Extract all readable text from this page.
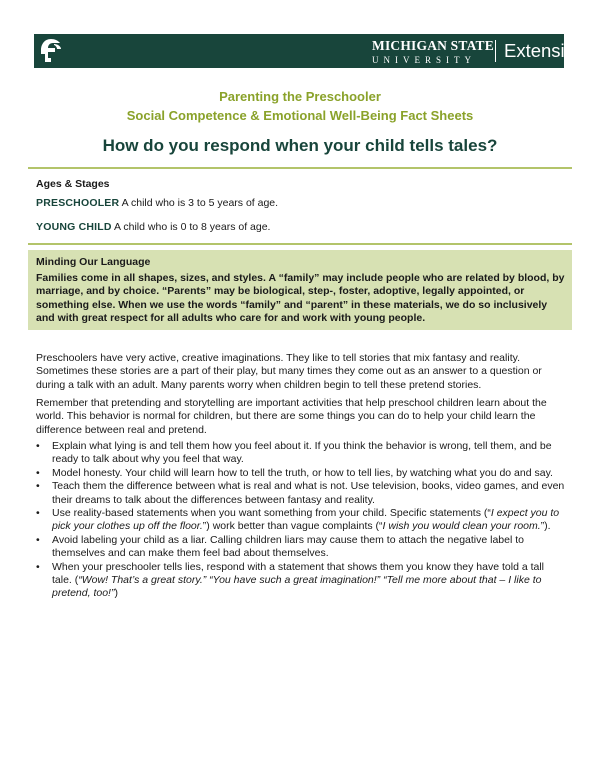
MICHIGAN STATE
UNIVERSITY	Extension
Parenting the Preschooler
Social Competence & Emotional Well-Being Fact Sheets
How do you respond when your child tells tales?
Ages & Stages
PRESCHOOLER A child who is 3 to 5 years of age.
YOUNG CHILD A child who is 0 to 8 years of age.
Minding Our Language
Families come in all shapes, sizes, and styles. A “family” may include people who are related by blood, by marriage, and by choice. “Parents” may be biological, step-, foster, adoptive, legally appointed, or something else. When we use the words “family” and “parent” in these materials, we do so inclusively and with great respect for all adults who care for and work with young people.
Preschoolers have very active, creative imaginations. They like to tell stories that mix fantasy and reality. Sometimes these stories are a part of their play, but many times they come out as an answer to a question or during a talk with an adult. Many parents worry when children begin to tell these pretend stories.
Remember that pretending and storytelling are important activities that help preschool children learn about the world. This behavior is normal for children, but there are some things you can do to help your child learn the difference between real and pretend.
• Explain what lying is and tell them how you feel about it. If you think the behavior is wrong, tell them, and be ready to talk about why you feel that way.
• Model honesty. Your child will learn how to tell the truth, or how to tell lies, by watching what you do and say.
• Teach them the difference between what is real and what is not. Use television, books, video games, and even their dreams to talk about the differences between fantasy and reality.
• Use reality-based statements when you want something from your child. Specific statements (“I expect you to pick your clothes up off the floor.”) work better than vague complaints (“I wish you would clean your room.”).
• Avoid labeling your child as a liar. Calling children liars may cause them to attach the negative label to themselves and can make them feel bad about themselves.
• When your preschooler tells lies, respond with a statement that shows them you know they have told a tall tale. (“Wow! That’s a great story.” “You have such a great imagination!” “Tell me more about that – I like to pretend, too!”)
